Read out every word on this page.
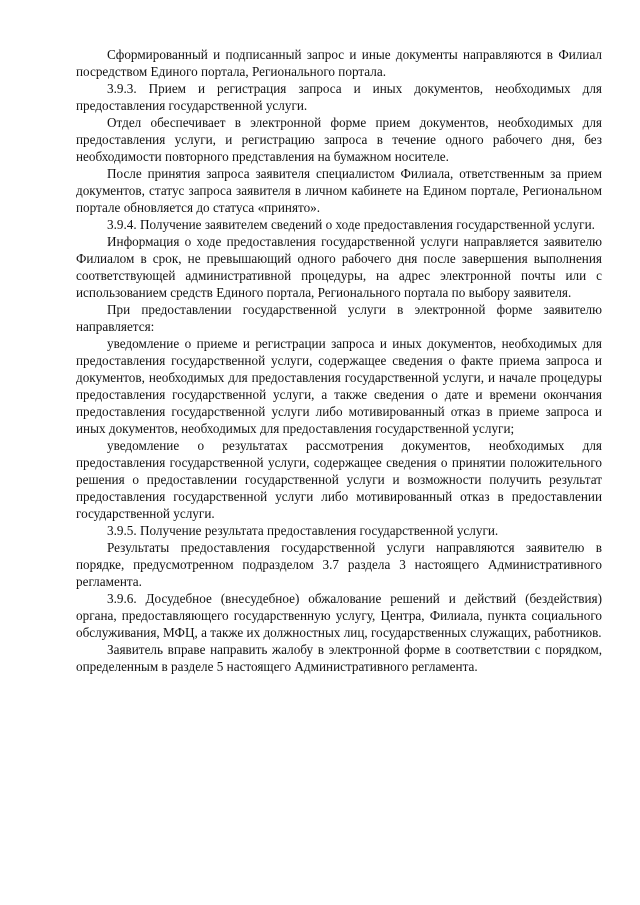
Сформированный и подписанный запрос и иные документы направляются в Филиал посредством Единого портала, Регионального портала.

3.9.3. Прием и регистрация запроса и иных документов, необходимых для предоставления государственной услуги.

Отдел обеспечивает в электронной форме прием документов, необходимых для предоставления услуги, и регистрацию запроса в течение одного рабочего дня, без необходимости повторного представления на бумажном носителе.

После принятия запроса заявителя специалистом Филиала, ответственным за прием документов, статус запроса заявителя в личном кабинете на Едином портале, Региональном портале обновляется до статуса «принято».

3.9.4. Получение заявителем сведений о ходе предоставления государственной услуги.

Информация о ходе предоставления государственной услуги направляется заявителю Филиалом в срок, не превышающий одного рабочего дня после завершения выполнения соответствующей административной процедуры, на адрес электронной почты или с использованием средств Единого портала, Регионального портала по выбору заявителя.

При предоставлении государственной услуги в электронной форме заявителю направляется:

уведомление о приеме и регистрации запроса и иных документов, необходимых для предоставления государственной услуги, содержащее сведения о факте приема запроса и документов, необходимых для предоставления государственной услуги, и начале процедуры предоставления государственной услуги, а также сведения о дате и времени окончания предоставления государственной услуги либо мотивированный отказ в приеме запроса и иных документов, необходимых для предоставления государственной услуги;

уведомление о результатах рассмотрения документов, необходимых для предоставления государственной услуги, содержащее сведения о принятии положительного решения о предоставлении государственной услуги и возможности получить результат предоставления государственной услуги либо мотивированный отказ в предоставлении государственной услуги.

3.9.5. Получение результата предоставления государственной услуги.

Результаты предоставления государственной услуги направляются заявителю в порядке, предусмотренном подразделом 3.7 раздела 3 настоящего Административного регламента.

3.9.6. Досудебное (внесудебное) обжалование решений и действий (бездействия) органа, предоставляющего государственную услугу, Центра, Филиала, пункта социального обслуживания, МФЦ, а также их должностных лиц, государственных служащих, работников.

Заявитель вправе направить жалобу в электронной форме в соответствии с порядком, определенным в разделе 5 настоящего Административного регламента.
